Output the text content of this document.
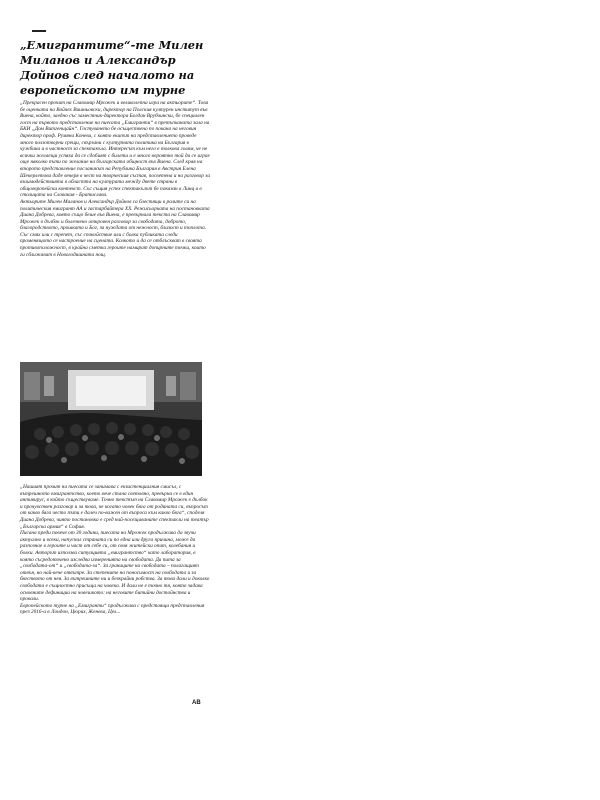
„Емигрантите“-те Милен Миланов и Александър Дойнов след началото на европейското им турне

„Прекрасен прочит на Славомир Мрожек и великолепна игра на актьорите“. Това бе оценката на Войчех Вишньовски, директор на Полския културен институт във Виена, който, заедно със заместник-директора Богдан Врубчински, бе специален гост на първото представление на пиесата „Емигранти“ в претъпканата зала на БКИ „Дом Витгенщайн“. Гостуването бе осъществено по покана на неговия директор проф. Румяна Конева, с която екипът на представлението проведе много ползотворни срещи, свързани с културната политика на България в чужбина и в частност за спектакъла. Интересът към него е толкова голям, че не всички желаещи успяха да се сдобият с билети и е много вероятно той да се играе още няколко пъти по желание на българската общност във Виена. След края на второто представление посланикът на Република България в Австрия Елена Шекерлетова даде вечеря в чест на творческия състав, посветена и на разговор за взаимодействията в областта на културата между двете страни в общоевропейски контекст. Със същия успех спектакълът бе показан в Линц и в столицата на Словакия - Братислава.

Актьорите Милен Миланов и Александър Дойнов са блестящи в ролите си на политическия емигрант АА и гастарбайтера ХХ. Режисьорката на постановката Диана Добрева, която също беше във Виена, е превърнала текста на Славомир Мрожек в дълбок и болезнено откровен разговор за свободата, доброто, благородството, прошката и Бог, за нуждата от нежност, близост и топлота. Със смях или с трепет, със спокойствие или с болка публиката следи променящото се настроение на сцената. Колкото и да се отблъскват в своята противоположност, в крайна сметка героите намират допирните точки, които ги сближават в Новогодишната нощ.

„Нашият прочит на пиесата се занимава с екзистенциалния смисъл, с вътрешното емигрантство, което вече стана световно, превърна се в един антивирус, в който съществуваме. Точно текстът на Славомир Мрожек е дълбок и прочувствен разговор и за това, че когато човек бяга от родината си, въпросът от какво бяга често пъти е далеч по-важен от въпроса към какво бяга“, споделя Диана Добрева, чиято постановка е сред най-посещаваните спектакли на театър „Българска армия“ в София.

Писана преди повече от 30 години, пиесата на Мрожек продължава да звучи актуално и всеки, напуснал страната си по една или друга причина, може да разпознае в героите и част от себе си, от своя житейски опит, колебания и болки. Авторът използва ситуацията „емигрантство“ като лаборатория, в която съсредоточено изследва измеренията на свободата. Да пита за „свободата-от“ и „свободата-за“. За границите на свободата – полагащият отвън, но най-вече отвътре. За степените на поносимост на свободата и за бягството от нея. За вътрешните ни и безкрайни робства. За това дали и доколко свободата е същностно присъща на човека. И дали не е точно тя, която задава основните дефиниции на човешкото: на неговите битийни достойнства и провали.

Европейското турне на „Емигранти“ продължава с предстоящи представления през 2016-а в Лондон, Цюрих, Женева, Цел...

AB
